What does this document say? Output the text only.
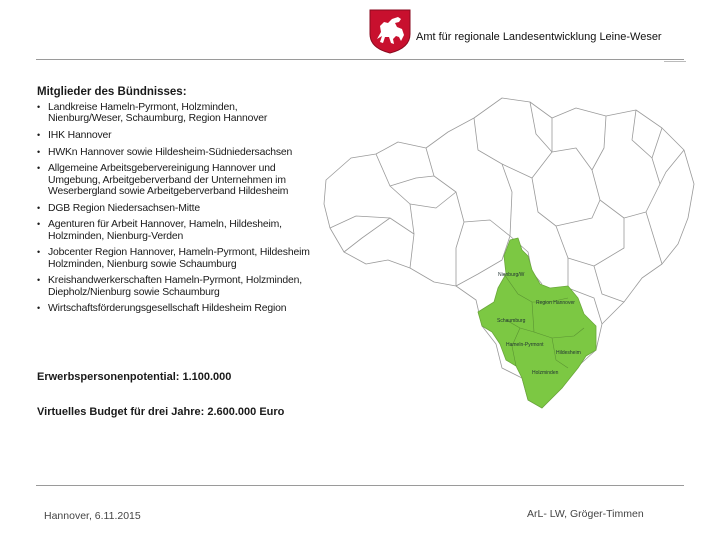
Amt für regionale Landesentwicklung Leine-Weser
Mitglieder des Bündnisses:
• Landkreise Hameln-Pyrmont, Holzminden, Nienburg/Weser, Schaumburg, Region Hannover
• IHK Hannover
• HWKn Hannover sowie Hildesheim-Südniedersachsen
• Allgemeine Arbeitsgebervereinigung Hannover und Umgebung, Arbeitgeberverband der Unternehmen im Weserbergland sowie Arbeitgeberverband Hildesheim
• DGB Region Niedersachsen-Mitte
• Agenturen für Arbeit Hannover, Hameln, Hildesheim, Holzminden, Nienburg-Verden
• Jobcenter Region Hannover, Hameln-Pyrmont, Hildesheim Holzminden, Nienburg sowie Schaumburg
• Kreishandwerkerschaften Hameln-Pyrmont, Holzminden, Diepholz/Nienburg sowie Schaumburg
• Wirtschaftsförderungsgesellschaft Hildesheim Region
Erwerbspersonenpotential: 1.100.000
Virtuelles Budget für drei Jahre: 2.600.000 Euro
Nienburg/W
Region Hannover
Schaumburg
Hameln-Pyrmont
Hildesheim
Holzminden
Hannover, 6.11.2015	ArL- LW, Gröger-Timmen
